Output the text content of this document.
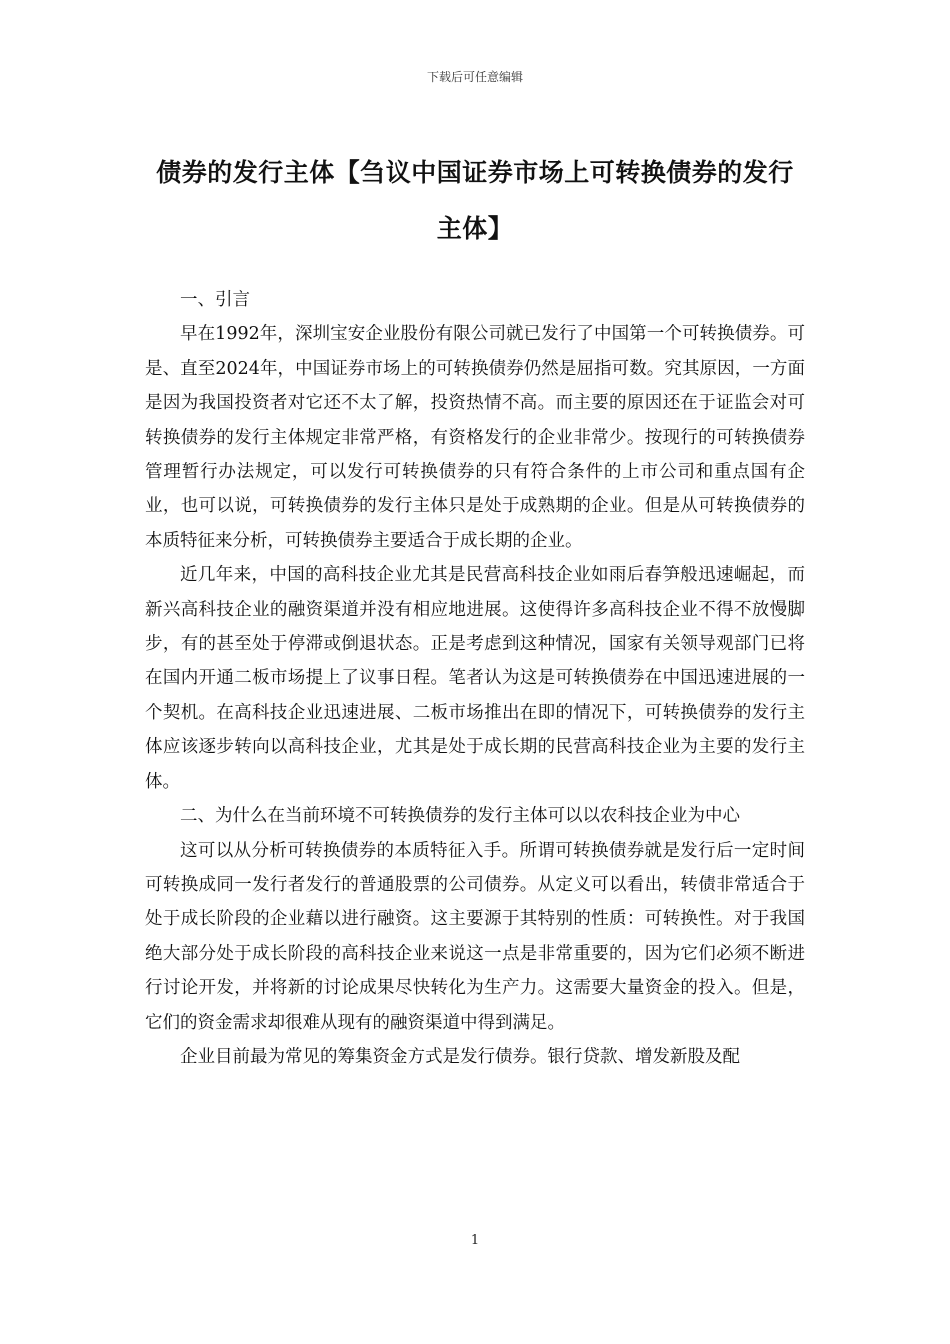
下载后可任意编辑
债券的发行主体【刍议中国证券市场上可转换债券的发行主体】

一、引言

早在1992年，深圳宝安企业股份有限公司就已发行了中国第一个可转换债券。可是、直至2024年，中国证券市场上的可转换债券仍然是屈指可数。究其原因，一方面是因为我国投资者对它还不太了解，投资热情不高。而主要的原因还在于证监会对可转换债券的发行主体规定非常严格，有资格发行的企业非常少。按现行的可转换债券管理暂行办法规定，可以发行可转换债券的只有符合条件的上市公司和重点国有企业，也可以说，可转换债券的发行主体只是处于成熟期的企业。但是从可转换债券的本质特征来分析，可转换债券主要适合于成长期的企业。

近几年来，中国的高科技企业尤其是民营高科技企业如雨后春笋般迅速崛起，而新兴高科技企业的融资渠道并没有相应地进展。这使得许多高科技企业不得不放慢脚步，有的甚至处于停滞或倒退状态。正是考虑到这种情况，国家有关领导观部门已将在国内开通二板市场提上了议事日程。笔者认为这是可转换债券在中国迅速进展的一个契机。在高科技企业迅速进展、二板市场推出在即的情况下，可转换债券的发行主体应该逐步转向以高科技企业，尤其是处于成长期的民营高科技企业为主要的发行主体。

二、为什么在当前环境不可转换债券的发行主体可以以农科技企业为中心

这可以从分析可转换债券的本质特征入手。所谓可转换债券就是发行后一定时间可转换成同一发行者发行的普通股票的公司债券。从定义可以看出，转债非常适合于处于成长阶段的企业藉以进行融资。这主要源于其特别的性质：可转换性。对于我国绝大部分处于成长阶段的高科技企业来说这一点是非常重要的，因为它们必须不断进行讨论开发，并将新的讨论成果尽快转化为生产力。这需要大量资金的投入。但是，它们的资金需求却很难从现有的融资渠道中得到满足。

企业目前最为常见的筹集资金方式是发行债券。银行贷款、增发新股及配

1
